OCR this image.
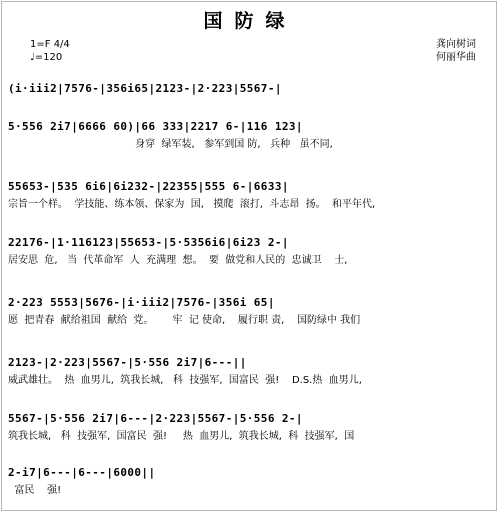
国防绿
1=F 4/4
♩=120
龚向树词
何丽华曲
(i·iii2|7576-|356i65|2123-|2·223|5567-|
5·556 2i7|6666 60)|66 333|2217 6-|116 123|
身穿  绿军装,   参军到国 防,   兵种   虽不同,
55653-|535 6i6|6i232-|22355|555 6-|6633|
宗旨一个样。  学技能、练本领、保家为  国,   摸爬  滚打,  斗志昂  扬。  和平年代,
22176-|1·116123|55653-|5·5356i6|6i23 2-|
居安思  危,   当  代革命军  人  充满理  想。  要  做党和人民的  忠诚卫    士,
2·223 5553|5676-|i·iii2|7576-|356i 65|
愿  把青春  献给祖国  献给  党。      牢  记 使命,    履行职 责,    国防绿中 我们
2123-|2·223|5567-|5·556 2i7|6---||
威武雄壮。  热  血男儿,  筑我长城,   科  技强军,  国富民  强!    D.S.热  血男儿,
5567-|5·556 2i7|6---|2·223|5567-|5·556 2-|
筑我长城,   科  技强军,  国富民  强!     热  血男儿,  筑我长城,  科  技强军,  国
2-i7|6---|6---|6000||
富民    强!
